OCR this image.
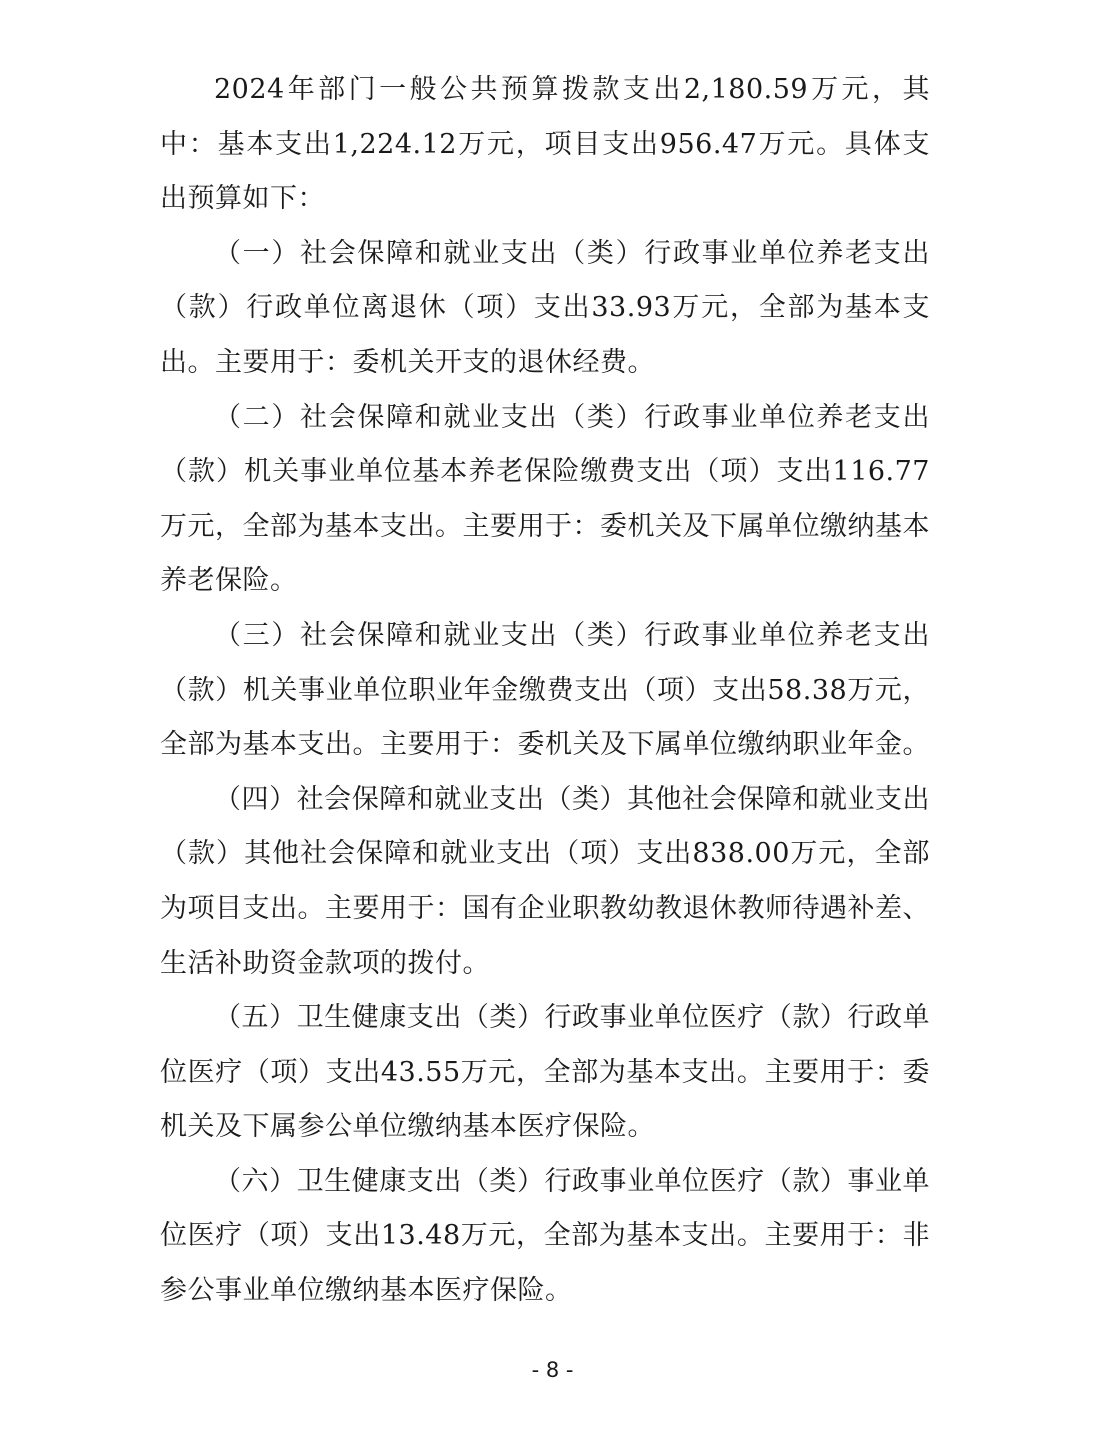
2024年部门一般公共预算拨款支出2,180.59万元，其中：基本支出1,224.12万元，项目支出956.47万元。具体支出预算如下：

（一）社会保障和就业支出（类）行政事业单位养老支出（款）行政单位离退休（项）支出33.93万元，全部为基本支出。主要用于：委机关开支的退休经费。

（二）社会保障和就业支出（类）行政事业单位养老支出（款）机关事业单位基本养老保险缴费支出（项）支出116.77万元，全部为基本支出。主要用于：委机关及下属单位缴纳基本养老保险。

（三）社会保障和就业支出（类）行政事业单位养老支出（款）机关事业单位职业年金缴费支出（项）支出58.38万元，全部为基本支出。主要用于：委机关及下属单位缴纳职业年金。

（四）社会保障和就业支出（类）其他社会保障和就业支出（款）其他社会保障和就业支出（项）支出838.00万元，全部为项目支出。主要用于：国有企业职教幼教退休教师待遇补差、生活补助资金款项的拨付。

（五）卫生健康支出（类）行政事业单位医疗（款）行政单位医疗（项）支出43.55万元，全部为基本支出。主要用于：委机关及下属参公单位缴纳基本医疗保险。

（六）卫生健康支出（类）行政事业单位医疗（款）事业单位医疗（项）支出13.48万元，全部为基本支出。主要用于：非参公事业单位缴纳基本医疗保险。

- 8 -
